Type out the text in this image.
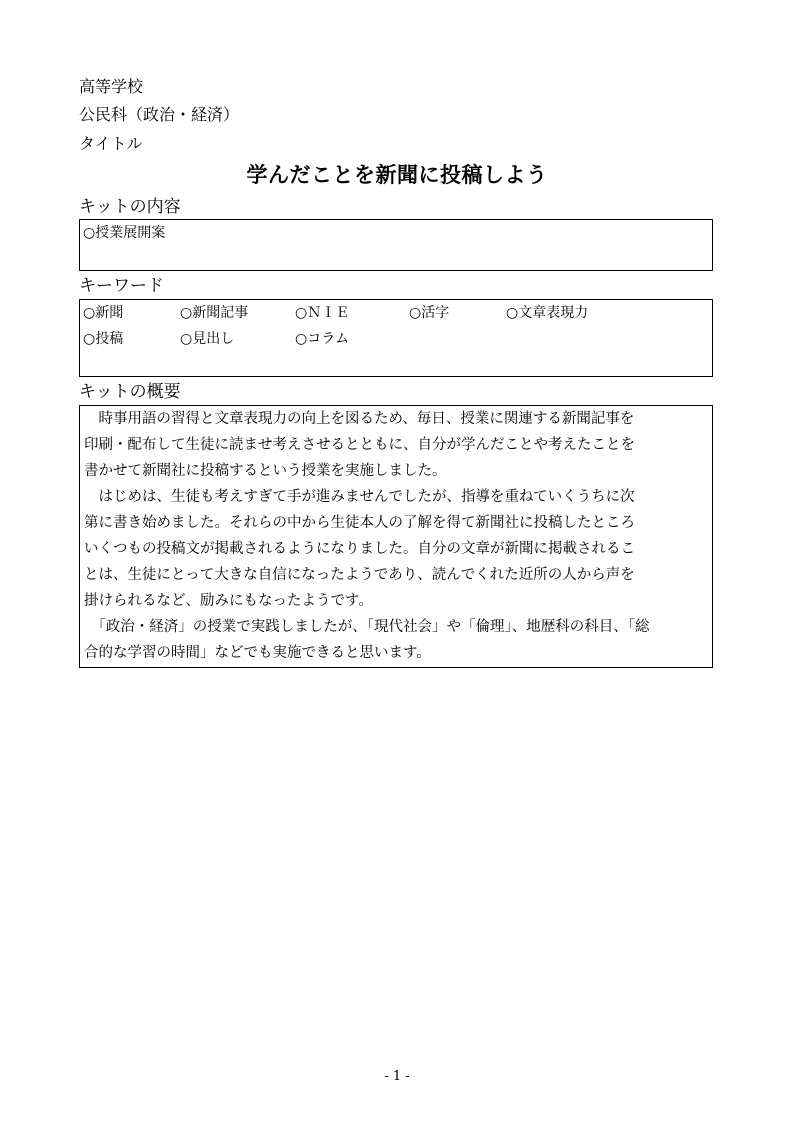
高等学校
公民科（政治・経済）
タイトル
学んだことを新聞に投稿しよう
キットの内容
○授業展開案
キーワード
○新聞	○新聞記事	○ＮＩＥ	○活字	○文章表現力
○投稿	○見出し	○コラム
キットの概要
　時事用語の習得と文章表現力の向上を図るため、毎日、授業に関連する新聞記事を
印刷・配布して生徒に読ませ考えさせるとともに、自分が学んだことや考えたことを
書かせて新聞社に投稿するという授業を実施しました。
　はじめは、生徒も考えすぎて手が進みませんでしたが、指導を重ねていくうちに次
第に書き始めました。それらの中から生徒本人の了解を得て新聞社に投稿したところ
いくつもの投稿文が掲載されるようになりました。自分の文章が新聞に掲載されるこ
とは、生徒にとって大きな自信になったようであり、読んでくれた近所の人から声を
掛けられるなど、励みにもなったようです。
　「政治・経済」の授業で実践しましたが、「現代社会」や「倫理」、地歴科の科目、「総
合的な学習の時間」などでも実施できると思います。
- 1 -
